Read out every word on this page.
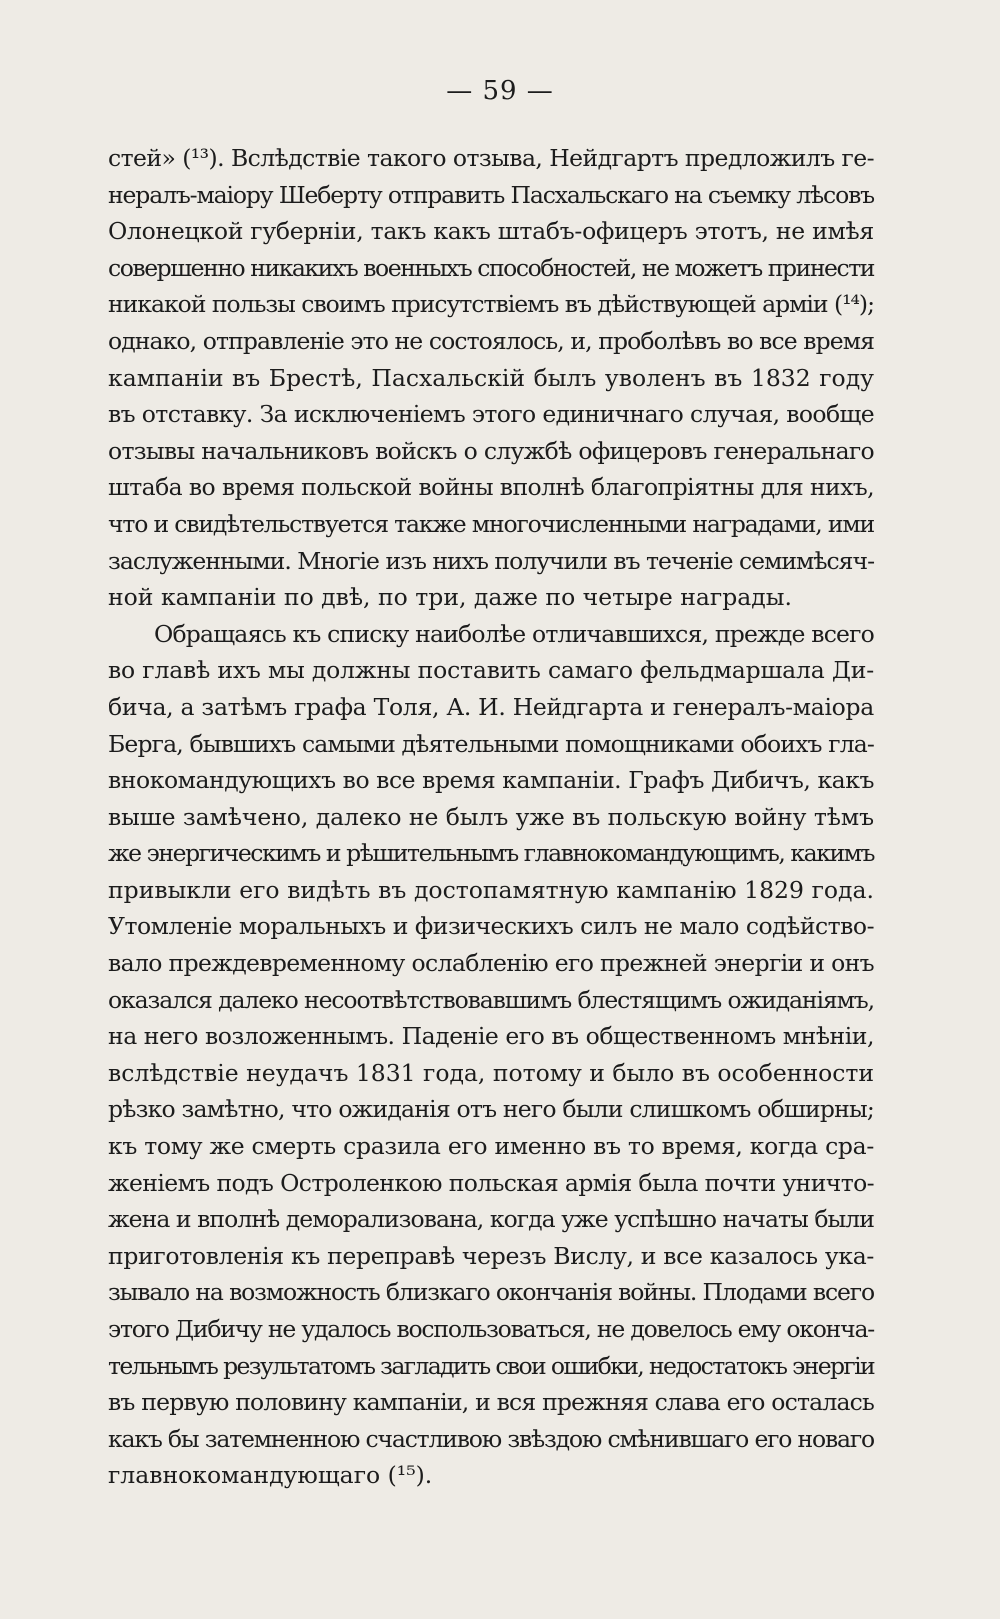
— 59 —
стей» (¹³). Вслѣдствіе такого отзыва, Нейдгартъ предложилъ ге-
нералъ-маіору Шеберту отправить Пасхальскаго на съемку лѣсовъ
Олонецкой губерніи, такъ какъ штабъ-офицеръ этотъ, не имѣя
совершенно никакихъ военныхъ способностей, не можетъ принести
никакой пользы своимъ присутствіемъ въ дѣйствующей арміи (¹⁴);
однако, отправленіе это не состоялось, и, проболѣвъ во все время
кампаніи въ Брестѣ, Пасхальскій былъ уволенъ въ 1832 году
въ отставку. За исключеніемъ этого единичнаго случая, вообще
отзывы начальниковъ войскъ о службѣ офицеровъ генеральнаго
штаба во время польской войны вполнѣ благопріятны для нихъ,
что и свидѣтельствуется также многочисленными наградами, ими
заслуженными. Многіе изъ нихъ получили въ теченіе семимѣсяч-
ной кампаніи по двѣ, по три, даже по четыре награды.
Обращаясь къ списку наиболѣе отличавшихся, прежде всего
во главѣ ихъ мы должны поставить самаго фельдмаршала Ди-
бича, а затѣмъ графа Толя, А. И. Нейдгарта и генералъ-маіора
Берга, бывшихъ самыми дѣятельными помощниками обоихъ гла-
внокомандующихъ во все время кампаніи. Графъ Дибичъ, какъ
выше замѣчено, далеко не былъ уже въ польскую войну тѣмъ
же энергическимъ и рѣшительнымъ главнокомандующимъ, какимъ
привыкли его видѣть въ достопамятную кампанію 1829 года.
Утомленіе моральныхъ и физическихъ силъ не мало содѣйство-
вало преждевременному ослабленію его прежней энергіи и онъ
оказался далеко несоотвѣтствовавшимъ блестящимъ ожиданіямъ,
на него возложеннымъ. Паденіе его въ общественномъ мнѣніи,
вслѣдствіе неудачъ 1831 года, потому и было въ особенности
рѣзко замѣтно, что ожиданія отъ него были слишкомъ обширны;
къ тому же смерть сразила его именно въ то время, когда сра-
женіемъ подъ Остроленкою польская армія была почти уничто-
жена и вполнѣ деморализована, когда уже успѣшно начаты были
приготовленія къ переправѣ черезъ Вислу, и все казалось ука-
зывало на возможность близкаго окончанія войны. Плодами всего
этого Дибичу не удалось воспользоваться, не довелось ему оконча-
тельнымъ результатомъ загладить свои ошибки, недостатокъ энергіи
въ первую половину кампаніи, и вся прежняя слава его осталась
какъ бы затемненною счастливою звѣздою смѣнившаго его новаго
главнокомандующаго (¹⁵).
